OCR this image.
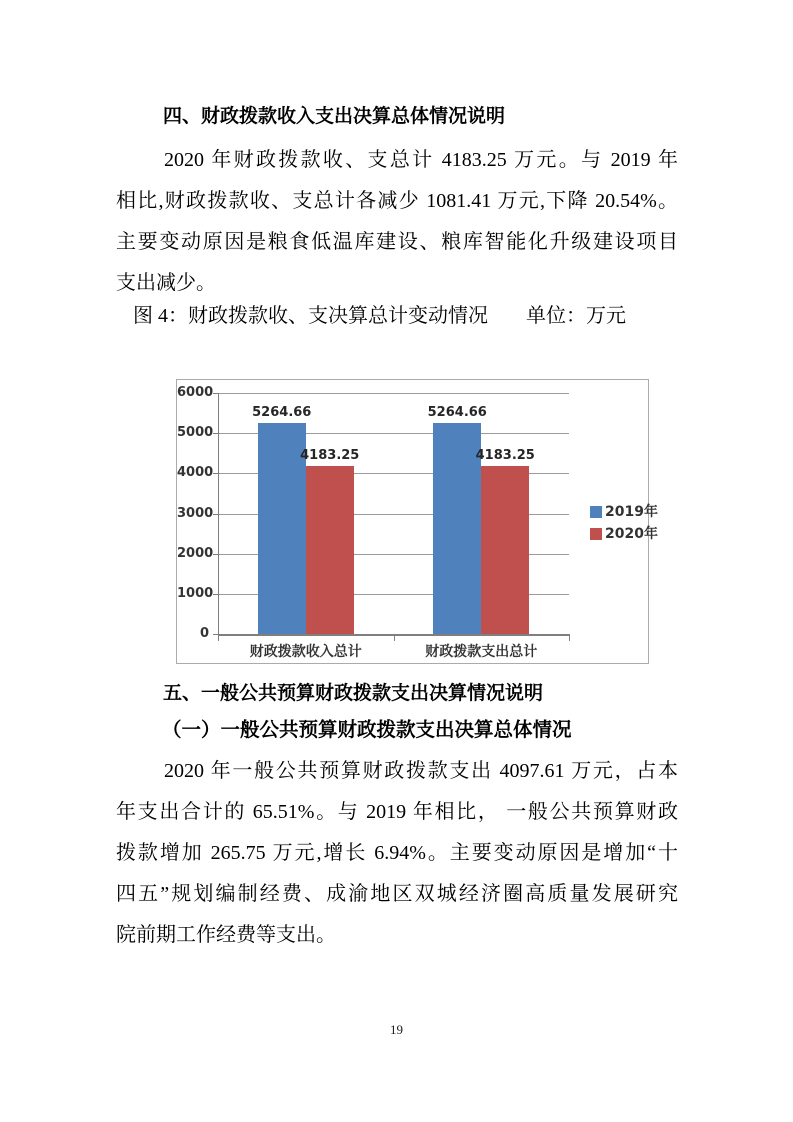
四、财政拨款收入支出决算总体情况说明
2020 年财政拨款收、支总计 4183.25 万元。与 2019 年
相比,财政拨款收、支总计各减少 1081.41 万元,下降 20.54%。
主要变动原因是粮食低温库建设、粮库智能化升级建设项目
支出减少。
图 4：财政拨款收、支决算总计变动情况 单位：万元
0
1000
2000
3000
4000
5000
6000
财政拨款收入总计
5264.66
4183.25
财政拨款支出总计
5264.66
4183.25
2019年
2020年
五、一般公共预算财政拨款支出决算情况说明
（一）一般公共预算财政拨款支出决算总体情况
2020 年一般公共预算财政拨款支出 4097.61 万元，占本
年支出合计的 65.51%。与 2019 年相比， 一般公共预算财政
拨款增加 265.75 万元,增长 6.94%。主要变动原因是增加“十
四五”规划编制经费、成渝地区双城经济圈高质量发展研究
院前期工作经费等支出。
19
